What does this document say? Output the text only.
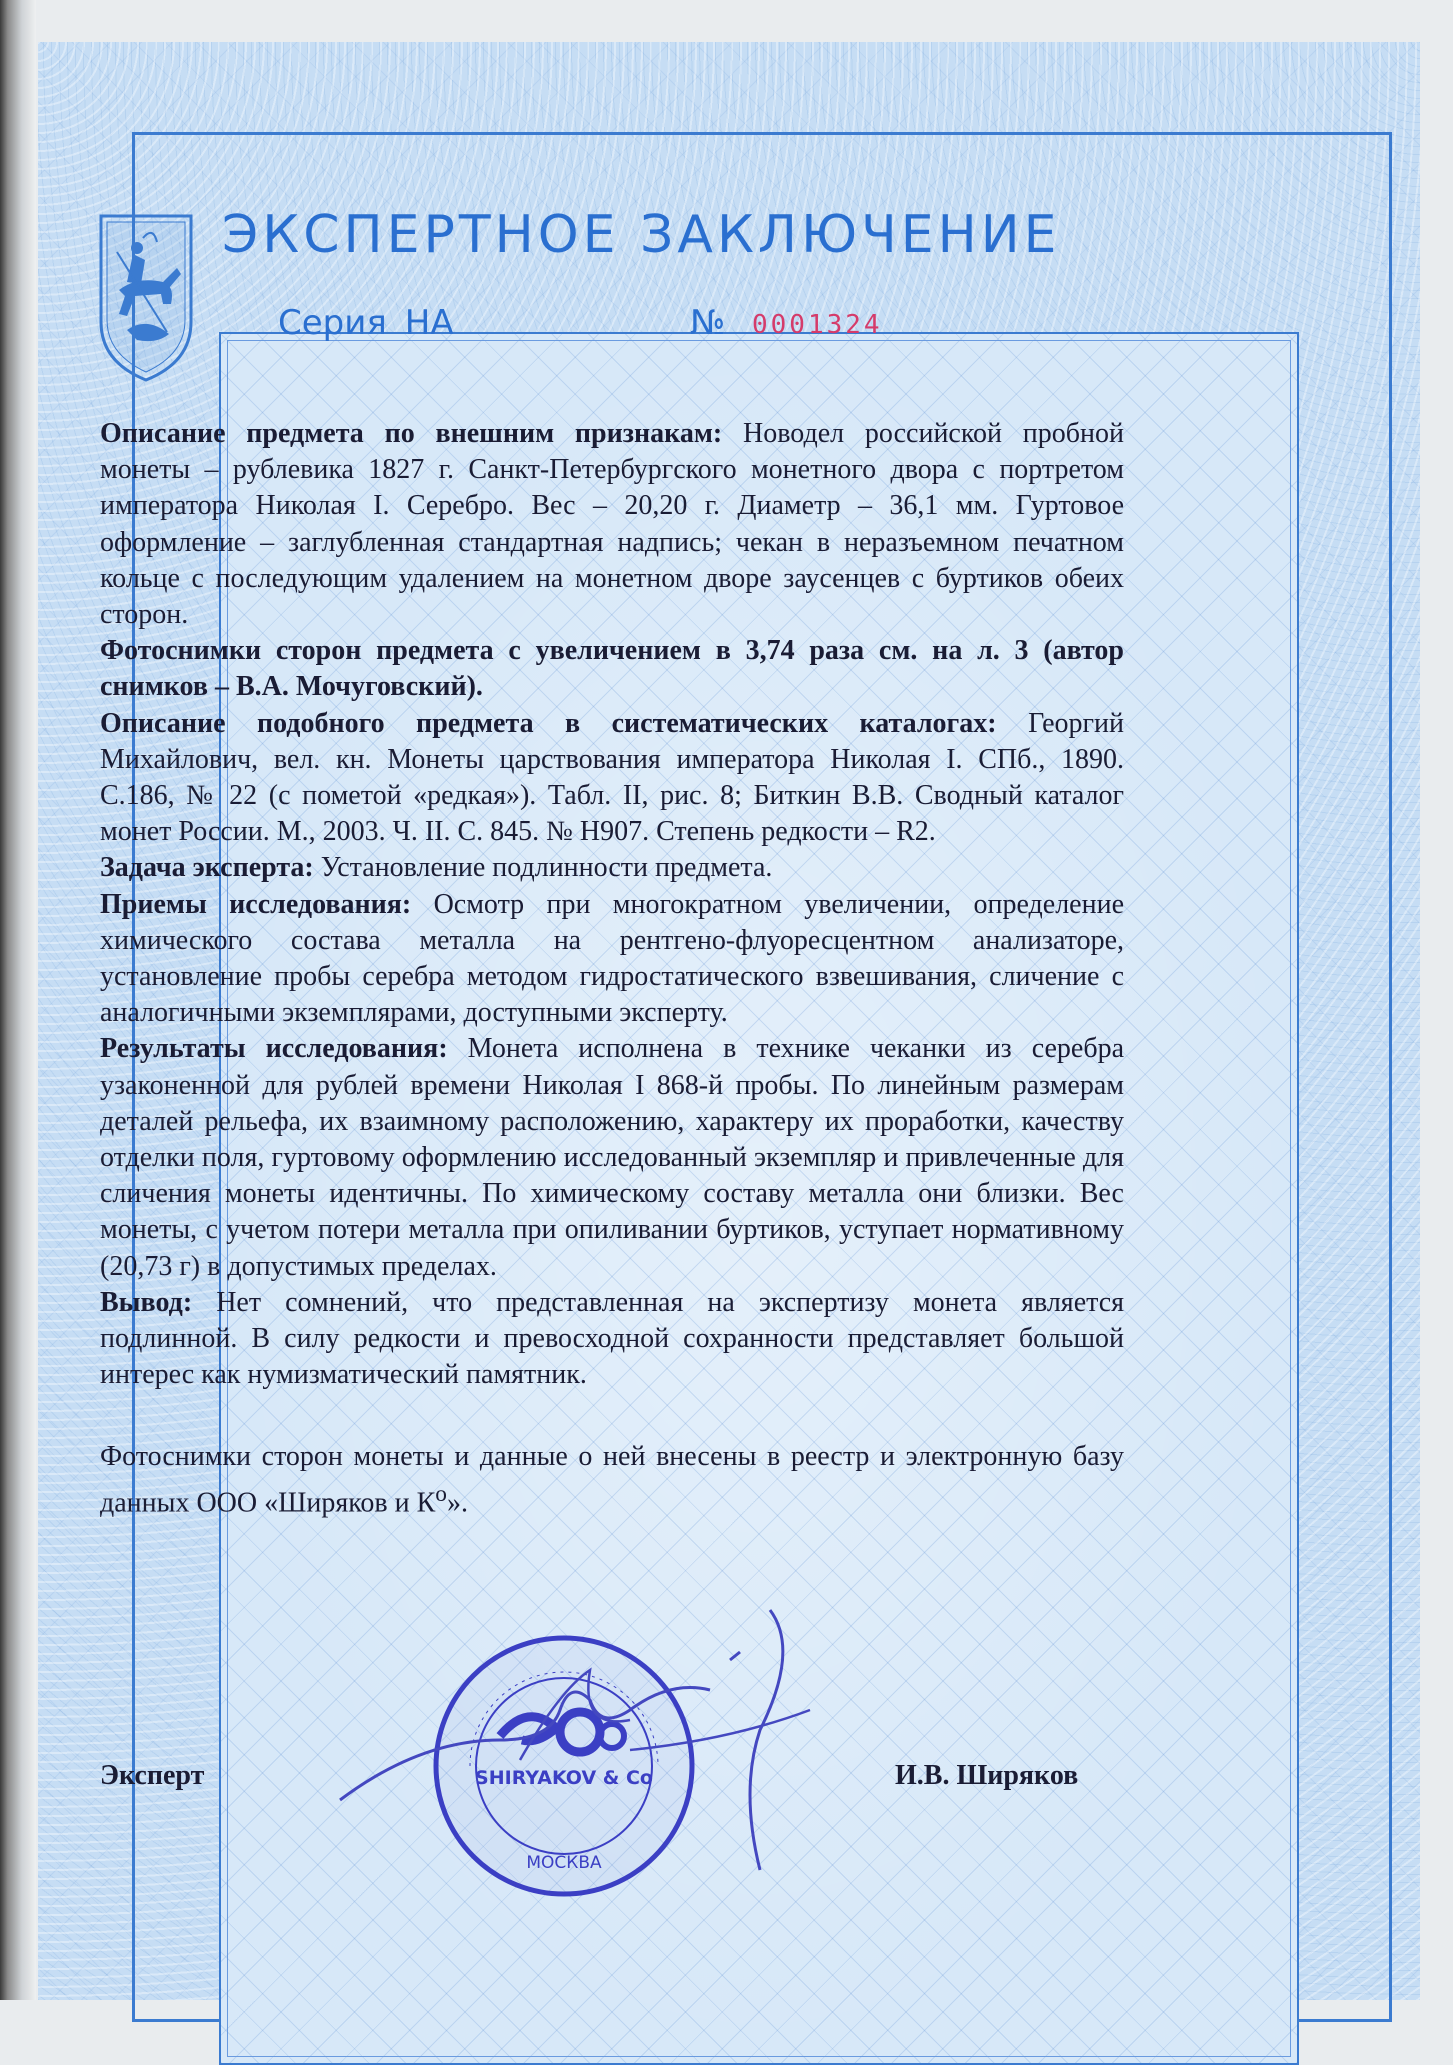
ЭКСПЕРТНОЕ ЗАКЛЮЧЕНИЕ
Серия НА	№ 0001324

Описание предмета по внешним признакам: Новодел российской пробной монеты – рублевика 1827 г. Санкт-Петербургского монетного двора с портретом императора Николая I. Серебро. Вес – 20,20 г. Диаметр – 36,1 мм. Гуртовое оформление – заглубленная стандартная надпись; чекан в неразъемном печатном кольце с последующим удалением на монетном дворе заусенцев с буртиков обеих сторон.

Фотоснимки сторон предмета с увеличением в 3,74 раза см. на л. 3 (автор снимков – В.А. Мочуговский).

Описание подобного предмета в систематических каталогах: Георгий Михайлович, вел. кн. Монеты царствования императора Николая I. СПб., 1890. С.186, № 22 (с пометой «редкая»). Табл. II, рис. 8; Биткин В.В. Сводный каталог монет России. М., 2003. Ч. II. С. 845. № Н907. Степень редкости – R2.

Задача эксперта: Установление подлинности предмета.

Приемы исследования: Осмотр при многократном увеличении, определение химического состава металла на рентгено-флуоресцентном анализаторе, установление пробы серебра методом гидростатического взвешивания, сличение с аналогичными экземплярами, доступными эксперту.

Результаты исследования: Монета исполнена в технике чеканки из серебра узаконенной для рублей времени Николая I 868-й пробы. По линейным размерам деталей рельефа, их взаимному расположению, характеру их проработки, качеству отделки поля, гуртовому оформлению исследованный экземпляр и привлеченные для сличения монеты идентичны. По химическому составу металла они близки. Вес монеты, с учетом потери металла при опиливании буртиков, уступает нормативному (20,73 г) в допустимых пределах.

Вывод: Нет сомнений, что представленная на экспертизу монета является подлинной. В силу редкости и превосходной сохранности представляет большой интерес как нумизматический памятник.

Фотоснимки сторон монеты и данные о ней внесены в реестр и электронную базу данных ООО «Ширяков и $К^о$».

SHIRYAKOV & Co
МОСКВА
Эксперт	И.В. Ширяков
